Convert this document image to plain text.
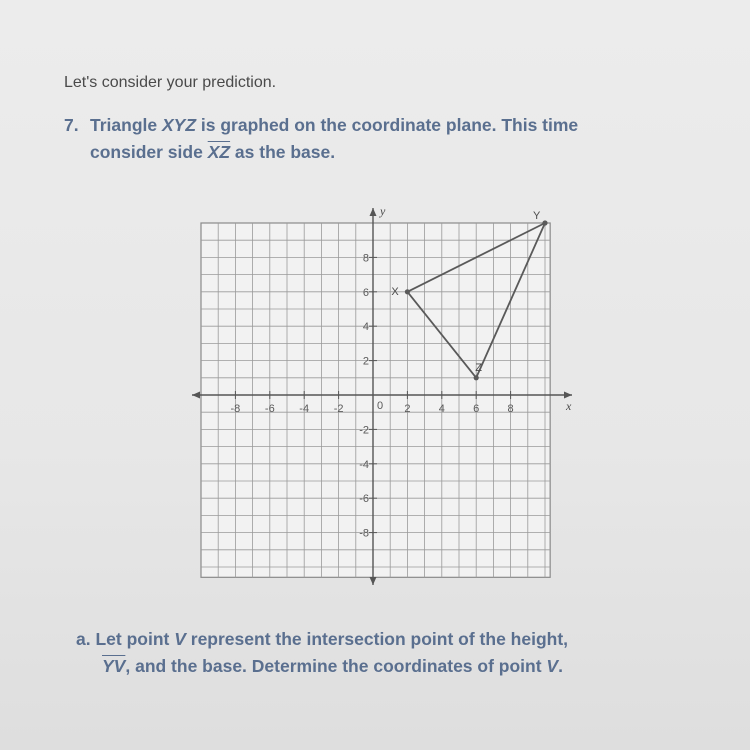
Let's consider your prediction.
7. Triangle XYZ is graphed on the coordinate plane. This time
consider side $\overline{XZ}$ as the base.
x
y
-8 -6 -4 -2	2	4	6	8
8
6
4
2
-2
-4
-6
-8
0
X
Y
Z
a. Let point V represent the intersection point of the height,
$\overline{YV}$, and the base. Determine the coordinates of point V.
